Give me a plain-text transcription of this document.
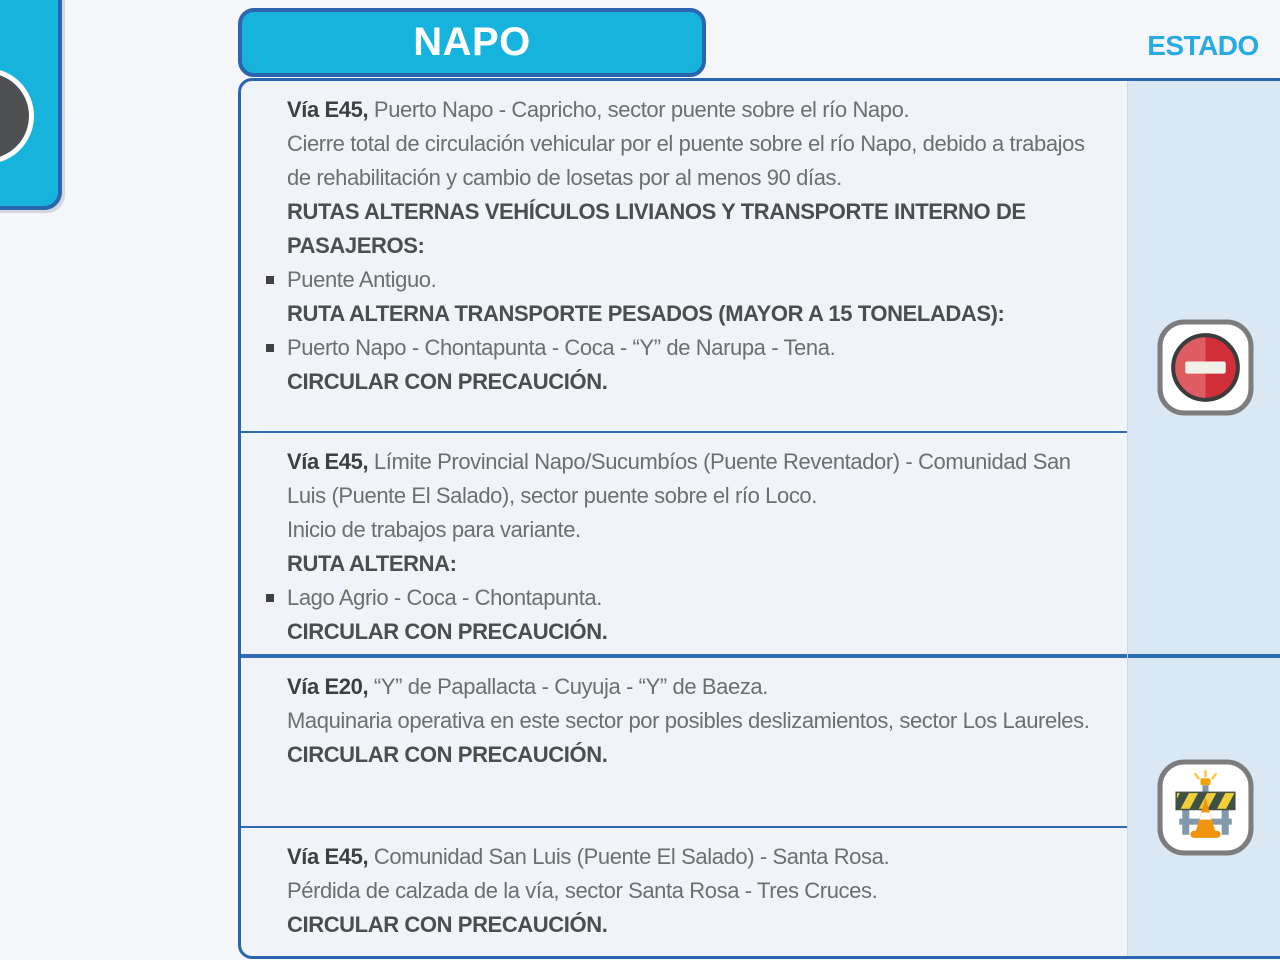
NAPO	ESTADO
Vía E45, Puerto Napo - Capricho, sector puente sobre el río Napo.
Cierre total de circulación vehicular por el puente sobre el río Napo, debido a trabajos de rehabilitación y cambio de losetas por al menos 90 días.
RUTAS ALTERNAS VEHÍCULOS LIVIANOS Y TRANSPORTE INTERNO DE PASAJEROS:
Puente Antiguo.
RUTA ALTERNA TRANSPORTE PESADOS (MAYOR A 15 TONELADAS):
Puerto Napo - Chontapunta - Coca - “Y” de Narupa - Tena.
CIRCULAR CON PRECAUCIÓN.
Vía E45, Límite Provincial Napo/Sucumbíos (Puente Reventador) - Comunidad San Luis (Puente El Salado), sector puente sobre el río Loco.
Inicio de trabajos para variante.
RUTA ALTERNA:
Lago Agrio - Coca - Chontapunta.
CIRCULAR CON PRECAUCIÓN.
Vía E20, “Y” de Papallacta - Cuyuja - “Y” de Baeza.
Maquinaria operativa en este sector por posibles deslizamientos, sector Los Laureles.
CIRCULAR CON PRECAUCIÓN.
Vía E45, Comunidad San Luis (Puente El Salado) - Santa Rosa.
Pérdida de calzada de la vía, sector Santa Rosa - Tres Cruces.
CIRCULAR CON PRECAUCIÓN.
